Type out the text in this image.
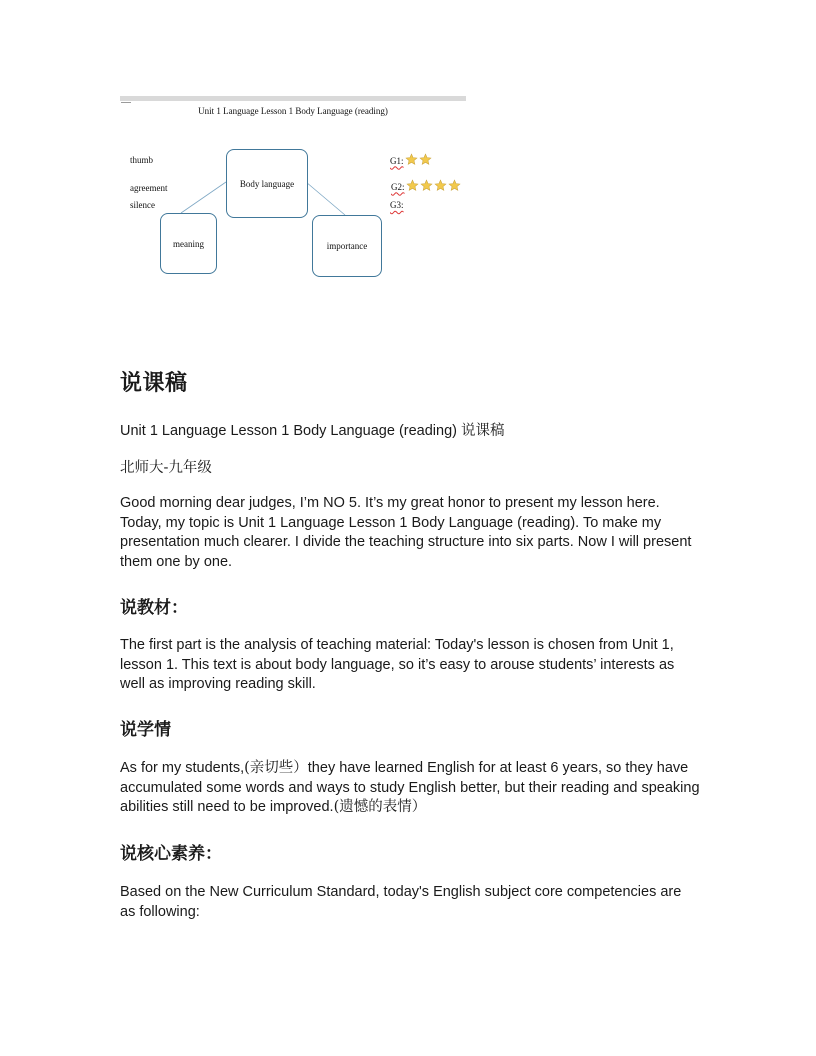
Unit 1 Language Lesson 1 Body Language (reading)
thumb
agreement
silence
Body language
meaning	importance
G1:
G2:
G3:
说课稿
Unit 1 Language Lesson 1 Body Language (reading) 说课稿
北师大-九年级
Good morning dear judges, I’m NO 5. It’s my great honor to present my lesson here. Today, my topic is Unit 1 Language Lesson 1 Body Language (reading). To make my presentation much clearer. I divide the teaching structure into six parts. Now I will present them one by one.
说教材：
The first part is the analysis of teaching material: Today's lesson is chosen from Unit 1, lesson 1. This text is about body language, so it’s easy to arouse students’ interests as well as improving reading skill.
说学情
As for my students,(亲切些）they have learned English for at least 6 years, so they have accumulated some words and ways to study English better, but their reading and speaking abilities still need to be improved.(遗憾的表情）
说核心素养：
Based on the New Curriculum Standard, today's English subject core competencies are as following:
